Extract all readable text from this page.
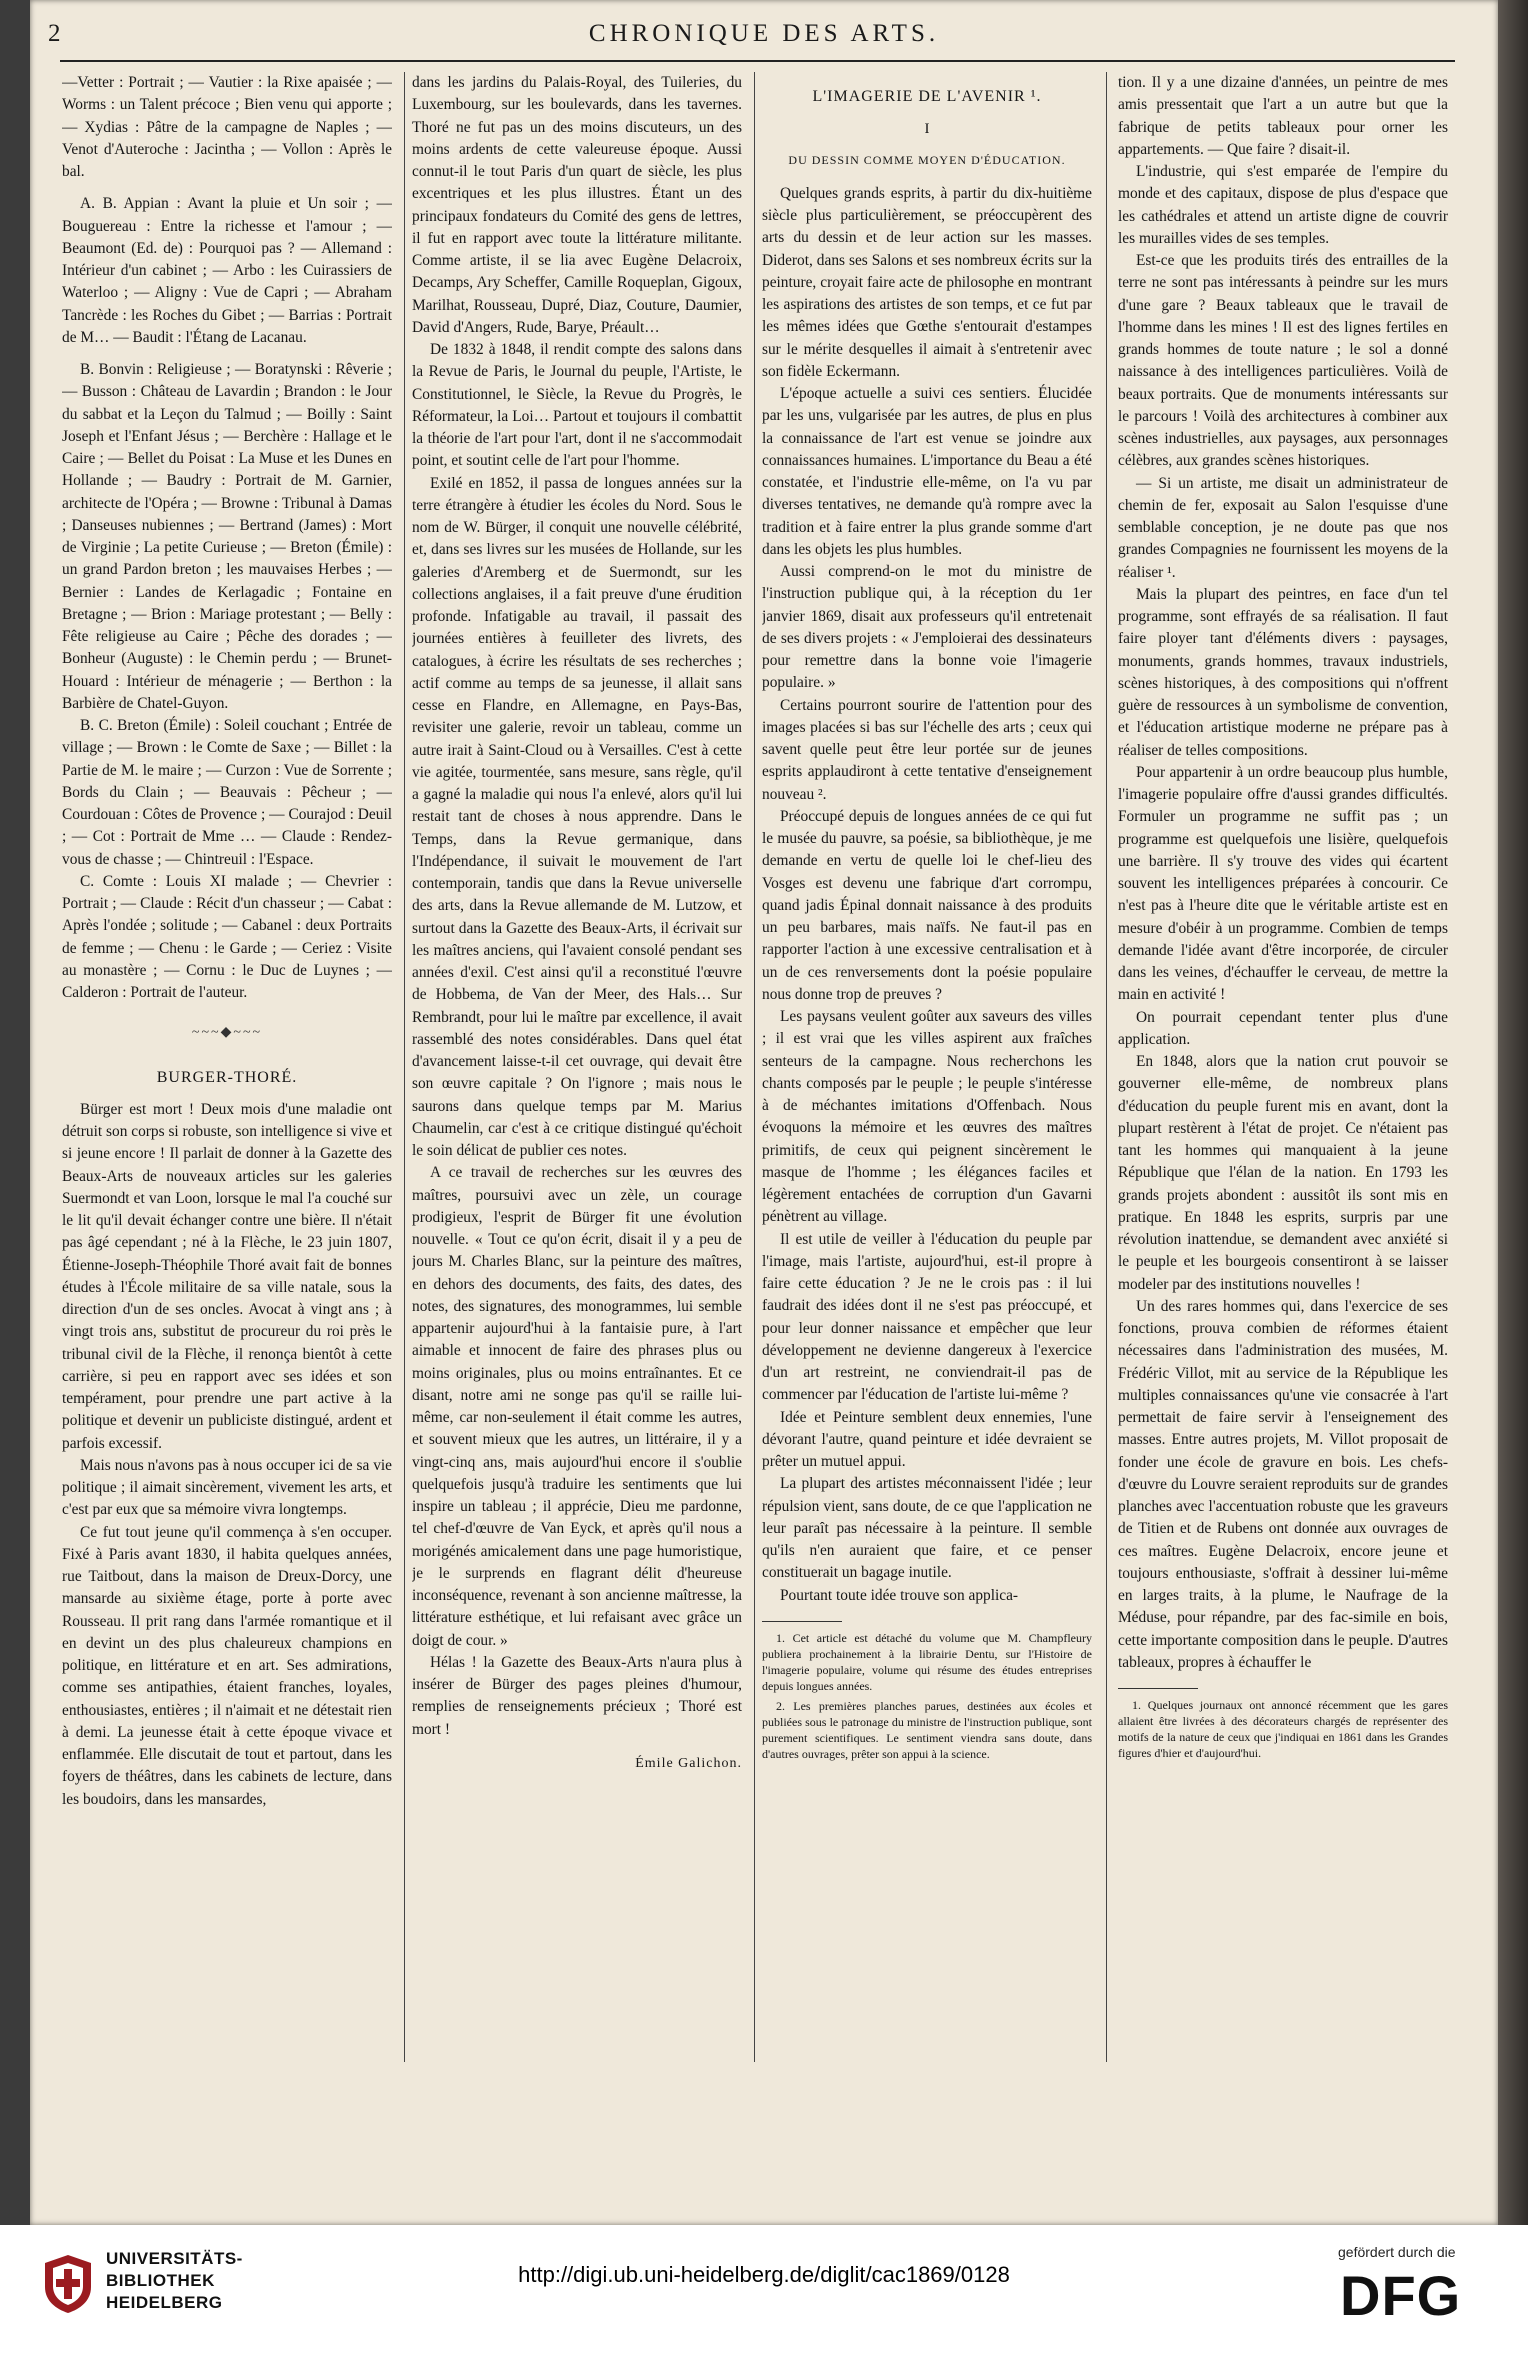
2	CHRONIQUE DES ARTS.

—Vetter : Portrait ; — Vautier : la Rixe apaisée ; —Worms : un Talent précoce ; Bien venu qui apporte ; — Xydias : Pâtre de la campagne de Naples ; — Venot d'Auteroche : Jacintha ; — Vollon : Après le bal.

A. B. Appian : Avant la pluie et Un soir ; — Bouguereau : Entre la richesse et l'amour ; — Beaumont (Ed. de) : Pourquoi pas ? — Allemand : Intérieur d'un cabinet ; — Arbo : les Cuirassiers de Waterloo ; — Aligny : Vue de Capri ; — Abraham Tancrède : les Roches du Gibet ; — Barrias : Portrait de M… — Baudit : l'Étang de Lacanau.

B. Bonvin : Religieuse ; — Boratynski : Rêverie ; — Busson : Château de Lavardin ; Brandon : le Jour du sabbat et la Leçon du Talmud ; — Boilly : Saint Joseph et l'Enfant Jésus ; — Berchère : Hallage et le Caire ; — Bellet du Poisat : La Muse et les Dunes en Hollande ; — Baudry : Portrait de M. Garnier, architecte de l'Opéra ; — Browne : Tribunal à Damas ; Danseuses nubiennes ; — Bertrand (James) : Mort de Virginie ; La petite Curieuse ; — Breton (Émile) : un grand Pardon breton ; les mauvaises Herbes ; — Bernier : Landes de Kerlagadic ; Fontaine en Bretagne ; — Brion : Mariage protestant ; — Belly : Fête religieuse au Caire ; Pêche des dorades ; — Bonheur (Auguste) : le Chemin perdu ; — Brunet-Houard : Intérieur de ménagerie ; — Berthon : la Barbière de Chatel-Guyon.

B. C. Breton (Émile) : Soleil couchant ; Entrée de village ; — Brown : le Comte de Saxe ; — Billet : la Partie de M. le maire ; — Curzon : Vue de Sorrente ; Bords du Clain ; — Beauvais : Pêcheur ; — Courdouan : Côtes de Provence ; — Courajod : Deuil ; — Cot : Portrait de Mme … — Claude : Rendez-vous de chasse ; — Chintreuil : l'Espace.

C. Comte : Louis XI malade ; — Chevrier : Portrait ; — Claude : Récit d'un chasseur ; — Cabat : Après l'ondée ; solitude ; — Cabanel : deux Portraits de femme ; — Chenu : le Garde ; — Ceriez : Visite au monastère ; — Cornu : le Duc de Luynes ; — Calderon : Portrait de l'auteur.

~~~◆~~~
BURGER-THORÉ.

Bürger est mort ! Deux mois d'une maladie ont détruit son corps si robuste, son intelligence si vive et si jeune encore ! Il parlait de donner à la Gazette des Beaux-Arts de nouveaux articles sur les galeries Suermondt et van Loon, lorsque le mal l'a couché sur le lit qu'il devait échanger contre une bière. Il n'était pas âgé cependant ; né à la Flèche, le 23 juin 1807, Étienne-Joseph-Théophile Thoré avait fait de bonnes études à l'École militaire de sa ville natale, sous la direction d'un de ses oncles. Avocat à vingt ans ; à vingt trois ans, substitut de procureur du roi près le tribunal civil de la Flèche, il renonça bientôt à cette carrière, si peu en rapport avec ses idées et son tempérament, pour prendre une part active à la politique et devenir un publiciste distingué, ardent et parfois excessif.

Mais nous n'avons pas à nous occuper ici de sa vie politique ; il aimait sincèrement, vivement les arts, et c'est par eux que sa mémoire vivra longtemps.

Ce fut tout jeune qu'il commença à s'en occuper. Fixé à Paris avant 1830, il habita quelques années, rue Taitbout, dans la maison de Dreux-Dorcy, une mansarde au sixième étage, porte à porte avec Rousseau. Il prit rang dans l'armée romantique et il en devint un des plus chaleureux champions en politique, en littérature et en art. Ses admirations, comme ses antipathies, étaient franches, loyales, enthousiastes, entières ; il n'aimait et ne détestait rien à demi. La jeunesse était à cette époque vivace et enflammée. Elle discutait de tout et partout, dans les foyers de théâtres, dans les cabinets de lecture, dans les boudoirs, dans les mansardes,

dans les jardins du Palais-Royal, des Tuileries, du Luxembourg, sur les boulevards, dans les tavernes. Thoré ne fut pas un des moins discuteurs, un des moins ardents de cette valeureuse époque. Aussi connut-il le tout Paris d'un quart de siècle, les plus excentriques et les plus illustres. Étant un des principaux fondateurs du Comité des gens de lettres, il fut en rapport avec toute la littérature militante. Comme artiste, il se lia avec Eugène Delacroix, Decamps, Ary Scheffer, Camille Roqueplan, Gigoux, Marilhat, Rousseau, Dupré, Diaz, Couture, Daumier, David d'Angers, Rude, Barye, Préault…

De 1832 à 1848, il rendit compte des salons dans la Revue de Paris, le Journal du peuple, l'Artiste, le Constitutionnel, le Siècle, la Revue du Progrès, le Réformateur, la Loi… Partout et toujours il combattit la théorie de l'art pour l'art, dont il ne s'accommodait point, et soutint celle de l'art pour l'homme.

Exilé en 1852, il passa de longues années sur la terre étrangère à étudier les écoles du Nord. Sous le nom de W. Bürger, il conquit une nouvelle célébrité, et, dans ses livres sur les musées de Hollande, sur les galeries d'Aremberg et de Suermondt, sur les collections anglaises, il a fait preuve d'une érudition profonde. Infatigable au travail, il passait des journées entières à feuilleter des livrets, des catalogues, à écrire les résultats de ses recherches ; actif comme au temps de sa jeunesse, il allait sans cesse en Flandre, en Allemagne, en Pays-Bas, revisiter une galerie, revoir un tableau, comme un autre irait à Saint-Cloud ou à Versailles. C'est à cette vie agitée, tourmentée, sans mesure, sans règle, qu'il a gagné la maladie qui nous l'a enlevé, alors qu'il lui restait tant de choses à nous apprendre. Dans le Temps, dans la Revue germanique, dans l'Indépendance, il suivait le mouvement de l'art contemporain, tandis que dans la Revue universelle des arts, dans la Revue allemande de M. Lutzow, et surtout dans la Gazette des Beaux-Arts, il écrivait sur les maîtres anciens, qui l'avaient consolé pendant ses années d'exil. C'est ainsi qu'il a reconstitué l'œuvre de Hobbema, de Van der Meer, des Hals… Sur Rembrandt, pour lui le maître par excellence, il avait rassemblé des notes considérables. Dans quel état d'avancement laisse-t-il cet ouvrage, qui devait être son œuvre capitale ? On l'ignore ; mais nous le saurons dans quelque temps par M. Marius Chaumelin, car c'est à ce critique distingué qu'échoit le soin délicat de publier ces notes.

A ce travail de recherches sur les œuvres des maîtres, poursuivi avec un zèle, un courage prodigieux, l'esprit de Bürger fit une évolution nouvelle. « Tout ce qu'on écrit, disait il y a peu de jours M. Charles Blanc, sur la peinture des maîtres, en dehors des documents, des faits, des dates, des notes, des signatures, des monogrammes, lui semble appartenir aujourd'hui à la fantaisie pure, à l'art aimable et innocent de faire des phrases plus ou moins originales, plus ou moins entraînantes. Et ce disant, notre ami ne songe pas qu'il se raille lui-même, car non-seulement il était comme les autres, et souvent mieux que les autres, un littéraire, il y a vingt-cinq ans, mais aujourd'hui encore il s'oublie quelquefois jusqu'à traduire les sentiments que lui inspire un tableau ; il apprécie, Dieu me pardonne, tel chef-d'œuvre de Van Eyck, et après qu'il nous a morigénés amicalement dans une page humoristique, je le surprends en flagrant délit d'heureuse inconséquence, revenant à son ancienne maîtresse, la littérature esthétique, et lui refaisant avec grâce un doigt de cour. »

Hélas ! la Gazette des Beaux-Arts n'aura plus à insérer de Bürger des pages pleines d'humour, remplies de renseignements précieux ; Thoré est mort !

Émile Galichon.
L'IMAGERIE DE L'AVENIR ¹.
I
DU DESSIN COMME MOYEN D'ÉDUCATION.

Quelques grands esprits, à partir du dix-huitième siècle plus particulièrement, se préoccupèrent des arts du dessin et de leur action sur les masses. Diderot, dans ses Salons et ses nombreux écrits sur la peinture, croyait faire acte de philosophe en montrant les aspirations des artistes de son temps, et ce fut par les mêmes idées que Gœthe s'entourait d'estampes sur le mérite desquelles il aimait à s'entretenir avec son fidèle Eckermann.

L'époque actuelle a suivi ces sentiers. Élucidée par les uns, vulgarisée par les autres, de plus en plus la connaissance de l'art est venue se joindre aux connaissances humaines. L'importance du Beau a été constatée, et l'industrie elle-même, on l'a vu par diverses tentatives, ne demande qu'à rompre avec la tradition et à faire entrer la plus grande somme d'art dans les objets les plus humbles.

Aussi comprend-on le mot du ministre de l'instruction publique qui, à la réception du 1er janvier 1869, disait aux professeurs qu'il entretenait de ses divers projets : « J'emploierai des dessinateurs pour remettre dans la bonne voie l'imagerie populaire. »

Certains pourront sourire de l'attention pour des images placées si bas sur l'échelle des arts ; ceux qui savent quelle peut être leur portée sur de jeunes esprits applaudiront à cette tentative d'enseignement nouveau ².

Préoccupé depuis de longues années de ce qui fut le musée du pauvre, sa poésie, sa bibliothèque, je me demande en vertu de quelle loi le chef-lieu des Vosges est devenu une fabrique d'art corrompu, quand jadis Épinal donnait naissance à des produits un peu barbares, mais naïfs. Ne faut-il pas en rapporter l'action à une excessive centralisation et à un de ces renversements dont la poésie populaire nous donne trop de preuves ?

Les paysans veulent goûter aux saveurs des villes ; il est vrai que les villes aspirent aux fraîches senteurs de la campagne. Nous recherchons les chants composés par le peuple ; le peuple s'intéresse à de méchantes imitations d'Offenbach. Nous évoquons la mémoire et les œuvres des maîtres primitifs, de ceux qui peignent sincèrement le masque de l'homme ; les élégances faciles et légèrement entachées de corruption d'un Gavarni pénètrent au village.

Il est utile de veiller à l'éducation du peuple par l'image, mais l'artiste, aujourd'hui, est-il propre à faire cette éducation ? Je ne le crois pas : il lui faudrait des idées dont il ne s'est pas préoccupé, et pour leur donner naissance et empêcher que leur développement ne devienne dangereux à l'exercice d'un art restreint, ne conviendrait-il pas de commencer par l'éducation de l'artiste lui-même ?

Idée et Peinture semblent deux ennemies, l'une dévorant l'autre, quand peinture et idée devraient se prêter un mutuel appui.

La plupart des artistes méconnaissent l'idée ; leur répulsion vient, sans doute, de ce que l'application ne leur paraît pas nécessaire à la peinture. Il semble qu'ils n'en auraient que faire, et ce penser constituerait un bagage inutile.

Pourtant toute idée trouve son applica-

1. Cet article est détaché du volume que M. Champfleury publiera prochainement à la librairie Dentu, sur l'Histoire de l'imagerie populaire, volume qui résume des études entreprises depuis longues années.

2. Les premières planches parues, destinées aux écoles et publiées sous le patronage du ministre de l'instruction publique, sont purement scientifiques. Le sentiment viendra sans doute, dans d'autres ouvrages, prêter son appui à la science.

tion. Il y a une dizaine d'années, un peintre de mes amis pressentait que l'art a un autre but que la fabrique de petits tableaux pour orner les appartements. — Que faire ? disait-il.

L'industrie, qui s'est emparée de l'empire du monde et des capitaux, dispose de plus d'espace que les cathédrales et attend un artiste digne de couvrir les murailles vides de ses temples.

Est-ce que les produits tirés des entrailles de la terre ne sont pas intéressants à peindre sur les murs d'une gare ? Beaux tableaux que le travail de l'homme dans les mines ! Il est des lignes fertiles en grands hommes de toute nature ; le sol a donné naissance à des intelligences particulières. Voilà de beaux portraits. Que de monuments intéressants sur le parcours ! Voilà des architectures à combiner aux scènes industrielles, aux paysages, aux personnages célèbres, aux grandes scènes historiques.

— Si un artiste, me disait un administrateur de chemin de fer, exposait au Salon l'esquisse d'une semblable conception, je ne doute pas que nos grandes Compagnies ne fournissent les moyens de la réaliser ¹.

Mais la plupart des peintres, en face d'un tel programme, sont effrayés de sa réalisation. Il faut faire ployer tant d'éléments divers : paysages, monuments, grands hommes, travaux industriels, scènes historiques, à des compositions qui n'offrent guère de ressources à un symbolisme de convention, et l'éducation artistique moderne ne prépare pas à réaliser de telles compositions.

Pour appartenir à un ordre beaucoup plus humble, l'imagerie populaire offre d'aussi grandes difficultés. Formuler un programme ne suffit pas ; un programme est quelquefois une lisière, quelquefois une barrière. Il s'y trouve des vides qui écartent souvent les intelligences préparées à concourir. Ce n'est pas à l'heure dite que le véritable artiste est en mesure d'obéir à un programme. Combien de temps demande l'idée avant d'être incorporée, de circuler dans les veines, d'échauffer le cerveau, de mettre la main en activité !

On pourrait cependant tenter plus d'une application.

En 1848, alors que la nation crut pouvoir se gouverner elle-même, de nombreux plans d'éducation du peuple furent mis en avant, dont la plupart restèrent à l'état de projet. Ce n'étaient pas tant les hommes qui manquaient à la jeune République que l'élan de la nation. En 1793 les grands projets abondent : aussitôt ils sont mis en pratique. En 1848 les esprits, surpris par une révolution inattendue, se demandent avec anxiété si le peuple et les bourgeois consentiront à se laisser modeler par des institutions nouvelles !

Un des rares hommes qui, dans l'exercice de ses fonctions, prouva combien de réformes étaient nécessaires dans l'administration des musées, M. Frédéric Villot, mit au service de la République les multiples connaissances qu'une vie consacrée à l'art permettait de faire servir à l'enseignement des masses. Entre autres projets, M. Villot proposait de fonder une école de gravure en bois. Les chefs-d'œuvre du Louvre seraient reproduits sur de grandes planches avec l'accentuation robuste que les graveurs de Titien et de Rubens ont donnée aux ouvrages de ces maîtres. Eugène Delacroix, encore jeune et toujours enthousiaste, s'offrait à dessiner lui-même en larges traits, à la plume, le Naufrage de la Méduse, pour répandre, par des fac-simile en bois, cette importante composition dans le peuple. D'autres tableaux, propres à échauffer le

1. Quelques journaux ont annoncé récemment que les gares allaient être livrées à des décorateurs chargés de représenter des motifs de la nature de ceux que j'indiquai en 1861 dans les Grandes figures d'hier et d'aujourd'hui.

UNIVERSITÄTS-
BIBLIOTHEK
HEIDELBERG
http://digi.ub.uni-heidelberg.de/diglit/cac1869/0128
gefördert durch die
DFG
